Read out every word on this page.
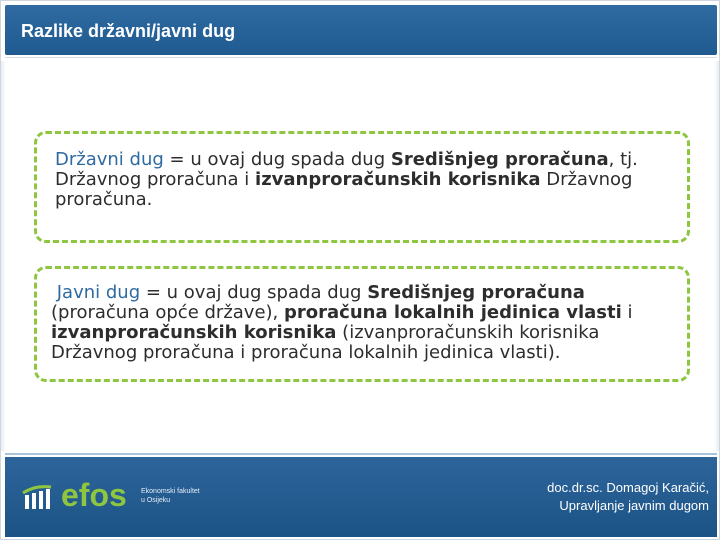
Razlike državni/javni dug
Državni dug = u ovaj dug spada dug Središnjeg proračuna, tj. Državnog proračuna i izvanproračunskih korisnika Državnog proračuna.
Javni dug = u ovaj dug spada dug Središnjeg proračuna (proračuna opće države), proračuna lokalnih jedinica vlasti i izvanproračunskih korisnika (izvanproračunskih korisnika Državnog proračuna i proračuna lokalnih jedinica vlasti).
efos Ekonomski fakultet
u Osijeku
doc.dr.sc. Domagoj Karačić,
Upravljanje javnim dugom
